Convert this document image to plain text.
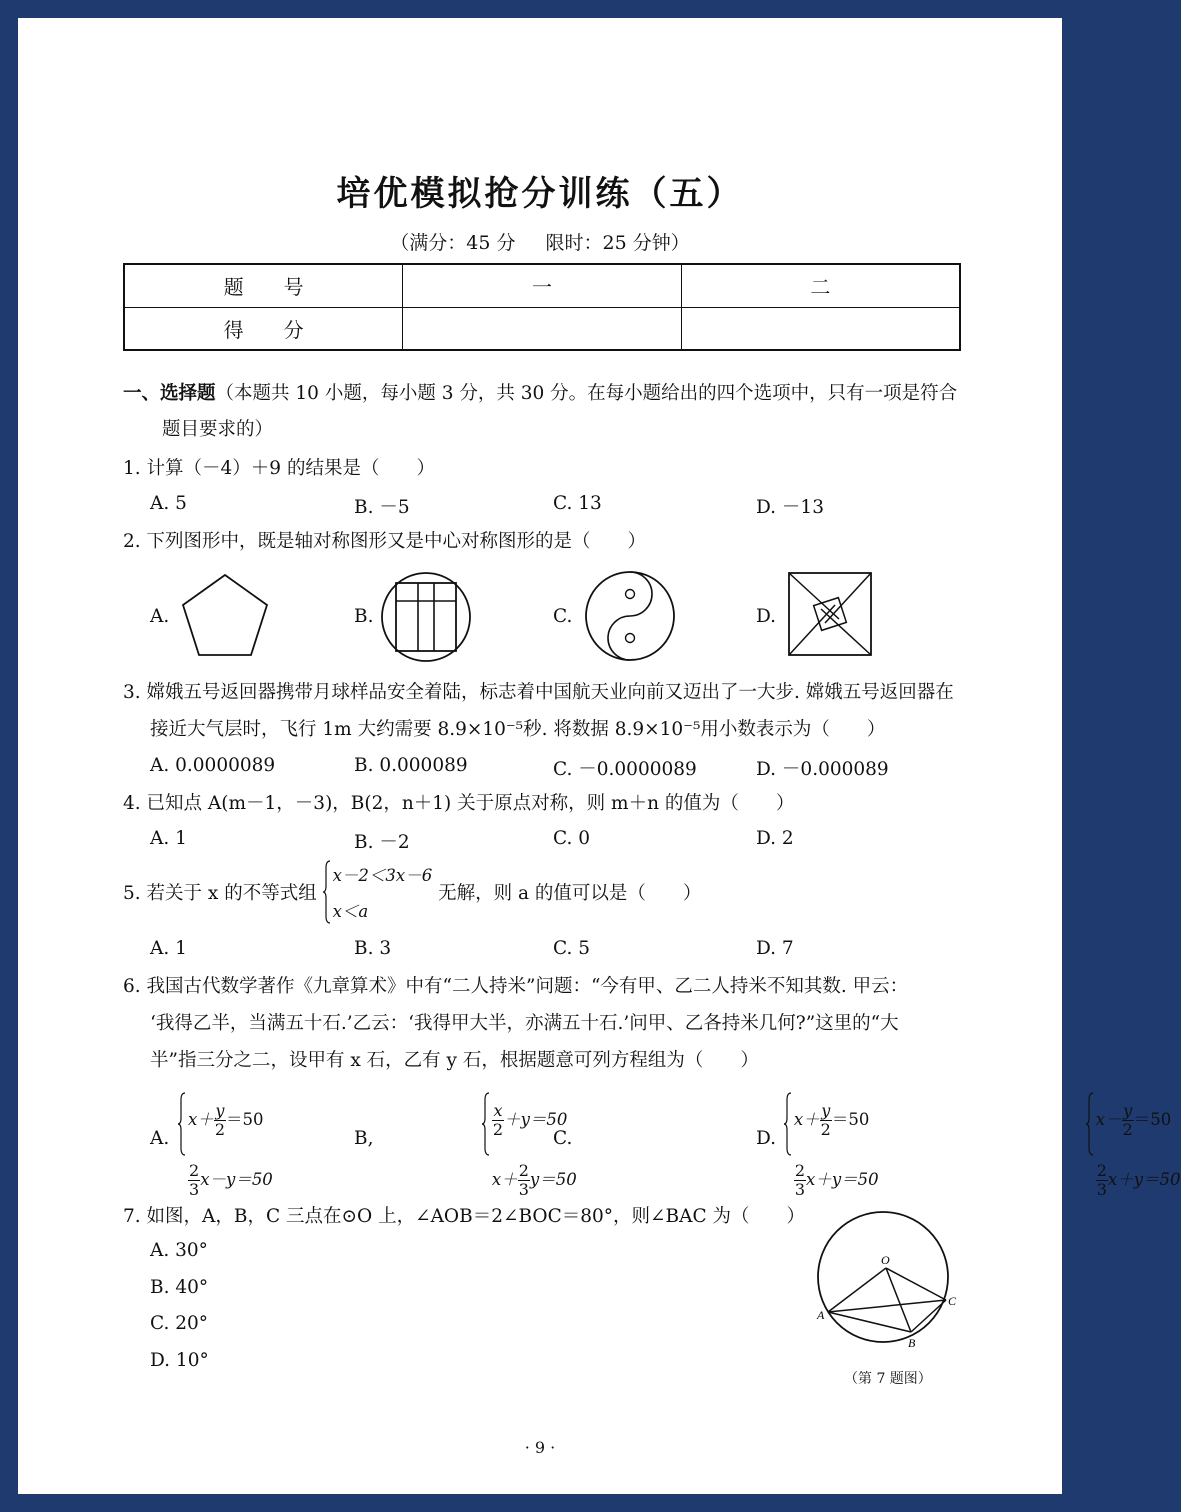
培优模拟抢分训练（五）
（满分：45 分 限时：25 分钟）
题　　号	一	二
得　　分		
一、选择题（本题共 10 小题，每小题 3 分，共 30 分。在每小题给出的四个选项中，只有一项是符合
题目要求的）
1. 计算（－4）＋9 的结果是（　　）
A. 5	B. －5	C. 13	D. －13
2. 下列图形中，既是轴对称图形又是中心对称图形的是（　　）
A.	B.	C.	D.
3. 嫦娥五号返回器携带月球样品安全着陆，标志着中国航天业向前又迈出了一大步. 嫦娥五号返回器在
接近大气层时，飞行 1m 大约需要 8.9×10⁻⁵秒. 将数据 8.9×10⁻⁵用小数表示为（　　）
A. 0.0000089	B. 0.000089	C. －0.0000089	D. －0.000089
4. 已知点 A(m－1，－3)，B(2，n＋1) 关于原点对称，则 m＋n 的值为（　　）
A. 1	B. －2	C. 0	D. 2
5. 若关于 x 的不等式组
x－2＜3x－6
x＜a 无解，则 a 的值可以是（　　）
A. 1	B. 3	C. 5	D. 7
6. 我国古代数学著作《九章算术》中有“二人持米”问题：“今有甲、乙二人持米不知其数. 甲云：
‘我得乙半，当满五十石.’乙云：‘我得甲大半，亦满五十石.’问甲、乙各持米几何?”这里的“大
半”指三分之二，设甲有 x 石，乙有 y 石，根据题意可列方程组为（　　）
A.	B,	C.	D.
$x+ \frac{y}{2} =50$

$\frac{2}{3} x-y=50$
$\frac{x}{2} +y=50$
$x+ \frac{2}{3} y=50$
$x+ \frac{y}{2} =50$

$\frac{2}{3} x+y=50$
$x- \frac{y}{2} =50$

$\frac{2}{3} x+y=50$
7. 如图，A，B，C 三点在⊙O 上，∠AOB＝2∠BOC＝80°，则∠BAC 为（　　）
A. 30°
B. 40°
C. 20°
D. 10°
O
A
B
C
（第 7 题图）
· 9 ·
